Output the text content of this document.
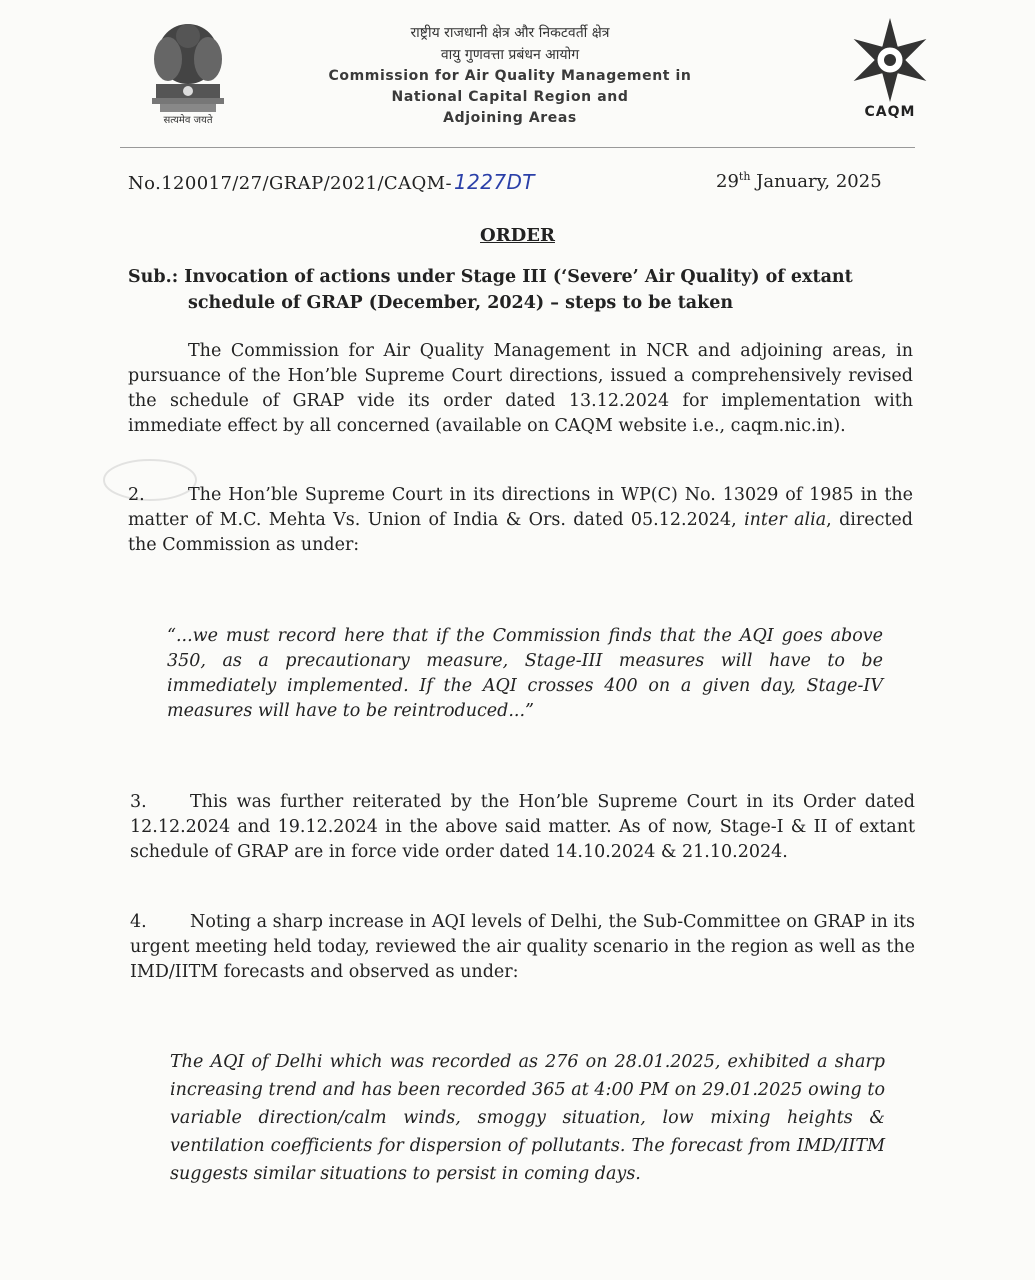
सत्यमेव जयते
राष्ट्रीय राजधानी क्षेत्र और निकटवर्ती क्षेत्र
वायु गुणवत्ता प्रबंधन आयोग
Commission for Air Quality Management in
National Capital Region and
Adjoining Areas	CAQM
No.120017/27/GRAP/2021/CAQM- 1227DT	29th January, 2025
ORDER
Sub.: Invocation of actions under Stage III (‘Severe’ Air Quality) of extant
schedule of GRAP (December, 2024) – steps to be taken
The Commission for Air Quality Management in NCR and adjoining areas, in pursuance of the Hon’ble Supreme Court directions, issued a comprehensively revised the schedule of GRAP vide its order dated 13.12.2024 for implementation with immediate effect by all concerned (available on CAQM website i.e., caqm.nic.in).
2. The Hon’ble Supreme Court in its directions in WP(C) No. 13029 of 1985 in the matter of M.C. Mehta Vs. Union of India & Ors. dated 05.12.2024, inter alia, directed the Commission as under:
“...we must record here that if the Commission finds that the AQI goes above 350, as a precautionary measure, Stage-III measures will have to be immediately implemented. If the AQI crosses 400 on a given day, Stage-IV measures will have to be reintroduced...”
3. This was further reiterated by the Hon’ble Supreme Court in its Order dated 12.12.2024 and 19.12.2024 in the above said matter. As of now, Stage-I & II of extant schedule of GRAP are in force vide order dated 14.10.2024 & 21.10.2024.
4. Noting a sharp increase in AQI levels of Delhi, the Sub-Committee on GRAP in its urgent meeting held today, reviewed the air quality scenario in the region as well as the IMD/IITM forecasts and observed as under:
The AQI of Delhi which was recorded as 276 on 28.01.2025, exhibited a sharp increasing trend and has been recorded 365 at 4:00 PM on 29.01.2025 owing to variable direction/calm winds, smoggy situation, low mixing heights & ventilation coefficients for dispersion of pollutants. The forecast from IMD/IITM suggests similar situations to persist in coming days.
